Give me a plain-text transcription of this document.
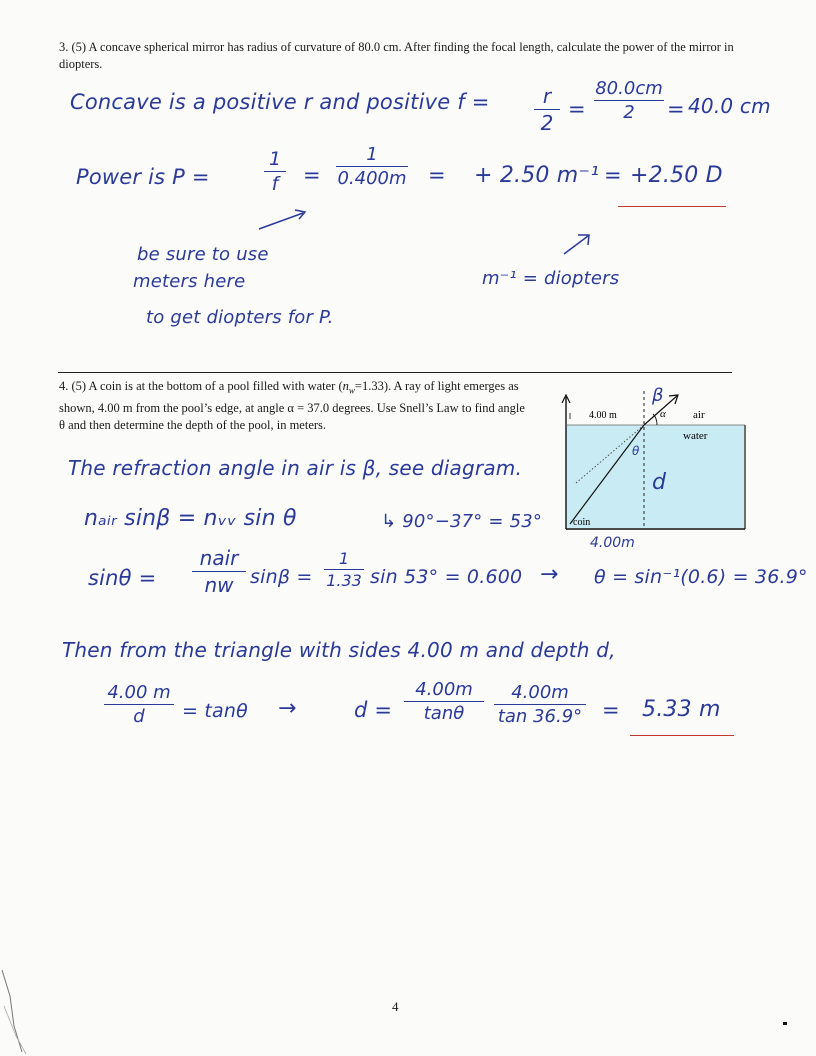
3. (5) A concave spherical mirror has radius of curvature of 80.0 cm. After finding the focal length, calculate the power of the mirror in diopters.
Concave is a positive r and positive f =	r
2
=
80.0cm
2	= 40.0 cm
Power is P =
1
f	=
1
0.400m = + 2.50 m⁻¹ = +2.50 D
be sure to use
meters here
to get diopters for P.
m⁻¹ = diopters
4. (5) A coin is at the bottom of a pool filled with water $(n_w=1.33)$. A ray of light emerges as shown, 4.00 m from the pool’s edge, at angle α = 37.0 degrees. Use Snell’s Law to find angle θ and then determine the depth of the pool, in meters.
4.00 m	α air
water
coin
θ
β
d
4.00m
The refraction angle in air is β, see diagram.
nₐᵢᵣ sinβ = nᵥᵥ sin θ	↳ 90°−37° = 53°
sinθ =
nair
nw sinβ =
1
1.33 sin 53° = 0.600 → θ = sin⁻¹(0.6) = 36.9°
Then from the triangle with sides 4.00 m and depth d,
4.00 m
d	= tanθ →	d =
4.00m
tanθ
4.00m
tan 36.9° = 5.33 m
4
